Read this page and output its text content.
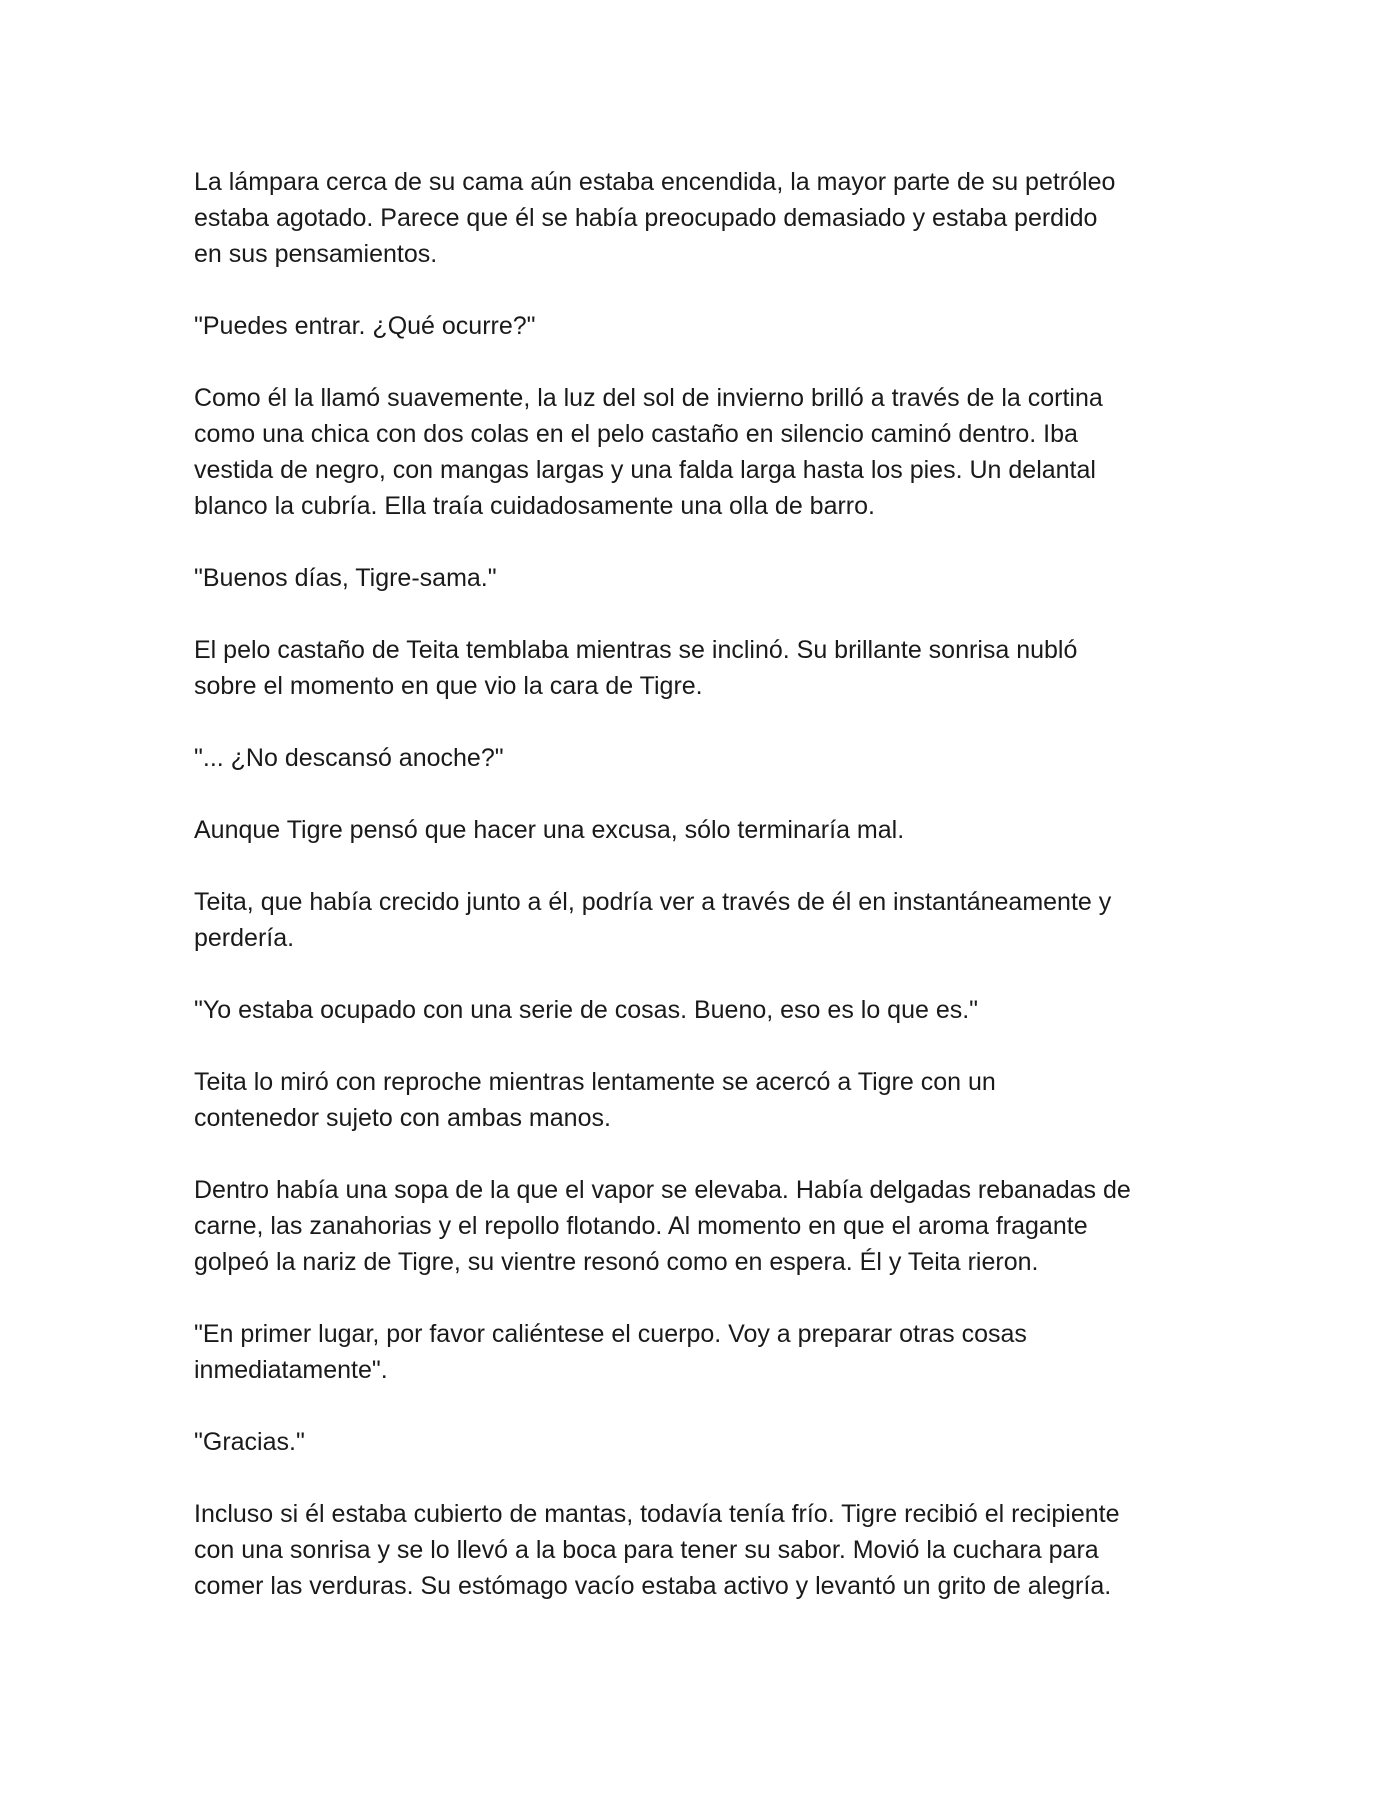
La lámpara cerca de su cama aún estaba encendida, la mayor parte de su petróleo
estaba agotado. Parece que él se había preocupado demasiado y estaba perdido
en sus pensamientos.

"Puedes entrar. ¿Qué ocurre?"

Como él la llamó suavemente, la luz del sol de invierno brilló a través de la cortina
como una chica con dos colas en el pelo castaño en silencio caminó dentro. Iba
vestida de negro, con mangas largas y una falda larga hasta los pies. Un delantal
blanco la cubría. Ella traía cuidadosamente una olla de barro.

"Buenos días, Tigre-sama."

El pelo castaño de Teita temblaba mientras se inclinó. Su brillante sonrisa nubló
sobre el momento en que vio la cara de Tigre.

"... ¿No descansó anoche?"

Aunque Tigre pensó que hacer una excusa, sólo terminaría mal.

Teita, que había crecido junto a él, podría ver a través de él en instantáneamente y
perdería.

"Yo estaba ocupado con una serie de cosas. Bueno, eso es lo que es."

Teita lo miró con reproche mientras lentamente se acercó a Tigre con un
contenedor sujeto con ambas manos.

Dentro había una sopa de la que el vapor se elevaba. Había delgadas rebanadas de
carne, las zanahorias y el repollo flotando. Al momento en que el aroma fragante
golpeó la nariz de Tigre, su vientre resonó como en espera. Él y Teita rieron.

"En primer lugar, por favor caliéntese el cuerpo. Voy a preparar otras cosas
inmediatamente".

"Gracias."

Incluso si él estaba cubierto de mantas, todavía tenía frío. Tigre recibió el recipiente
con una sonrisa y se lo llevó a la boca para tener su sabor. Movió la cuchara para
comer las verduras. Su estómago vacío estaba activo y levantó un grito de alegría.
